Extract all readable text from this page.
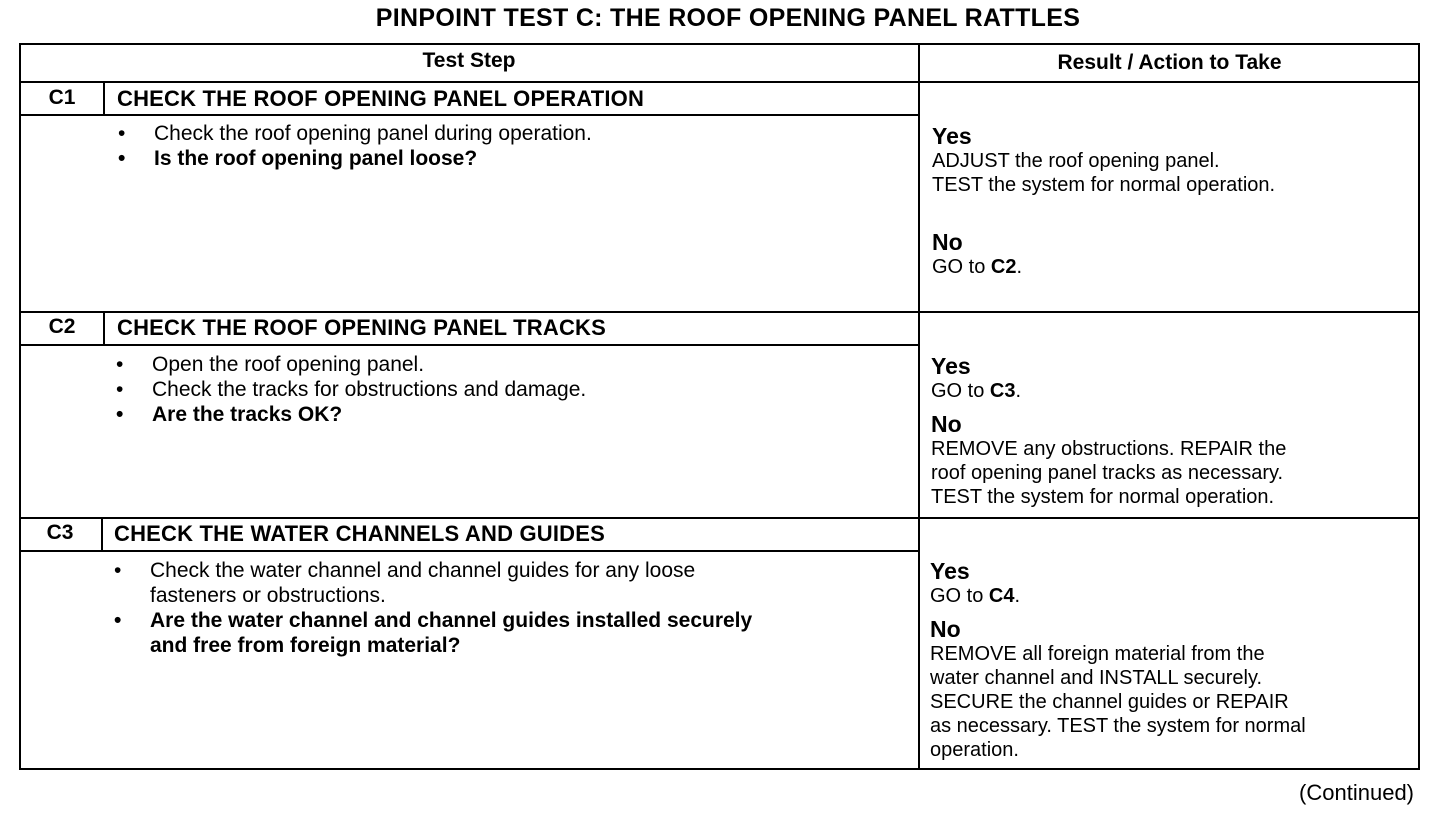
PINPOINT TEST C: THE ROOF OPENING PANEL RATTLES
Test Step	Result / Action to Take
C1	CHECK THE ROOF OPENING PANEL OPERATION
• Check the roof opening panel during operation.
• Is the roof opening panel loose?
Yes
ADJUST the roof opening panel.
TEST the system for normal operation.
No
GO to C2.
C2	CHECK THE ROOF OPENING PANEL TRACKS
• Open the roof opening panel.
• Check the tracks for obstructions and damage.
• Are the tracks OK?
Yes
GO to C3.
No
REMOVE any obstructions. REPAIR the
roof opening panel tracks as necessary.
TEST the system for normal operation.
C3	CHECK THE WATER CHANNELS AND GUIDES
• Check the water channel and channel guides for any loose
fasteners or obstructions.
• Are the water channel and channel guides installed securely
and free from foreign material?
Yes
GO to C4.
No
REMOVE all foreign material from the
water channel and INSTALL securely.
SECURE the channel guides or REPAIR
as necessary. TEST the system for normal
operation.
(Continued)
